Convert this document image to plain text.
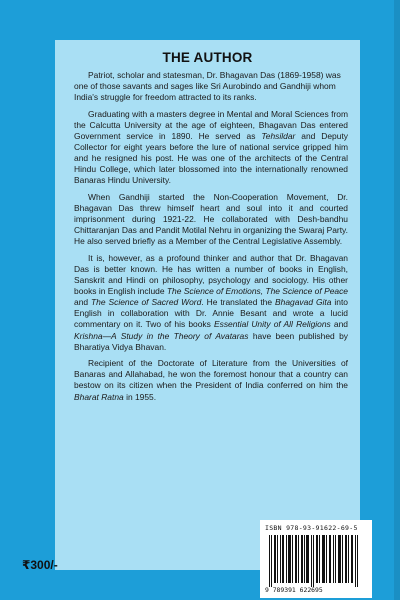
THE AUTHOR

Patriot, scholar and statesman, Dr. Bhagavan Das (1869-1958) was one of those savants and sages like Sri Aurobindo and Gandhiji whom India's struggle for freedom attracted to its ranks.

Graduating with a masters degree in Mental and Moral Sciences from the Calcutta University at the age of eighteen, Bhagavan Das entered Government service in 1890. He served as Tehsildar and Deputy Collector for eight years before the lure of national service gripped him and he resigned his post. He was one of the architects of the Central Hindu College, which later blossomed into the internationally renowned Banaras Hindu University.

When Gandhiji started the Non-Cooperation Movement, Dr. Bhagavan Das threw himself heart and soul into it and courted imprisonment during 1921-22. He collaborated with Desh-bandhu Chittaranjan Das and Pandit Motilal Nehru in organizing the Swaraj Party. He also served briefly as a Member of the Central Legislative Assembly.

It is, however, as a profound thinker and author that Dr. Bhagavan Das is better known. He has written a number of books in English, Sanskrit and Hindi on philosophy, psychology and sociology. His other books in English include The Science of Emotions, The Science of Peace and The Science of Sacred Word. He translated the Bhagavad Gita into English in collaboration with Dr. Annie Besant and wrote a lucid commentary on it. Two of his books Essential Unity of All Religions and Krishna—A Study in the Theory of Avataras have been published by Bharatiya Vidya Bhavan.

Recipient of the Doctorate of Literature from the Universities of Banaras and Allahabad, he won the foremost honour that a country can bestow on its citizen when the President of India conferred on him the Bharat Ratna in 1955.

ISBN 978-93-91622-69-5
9 789391 622695
₹300/-
